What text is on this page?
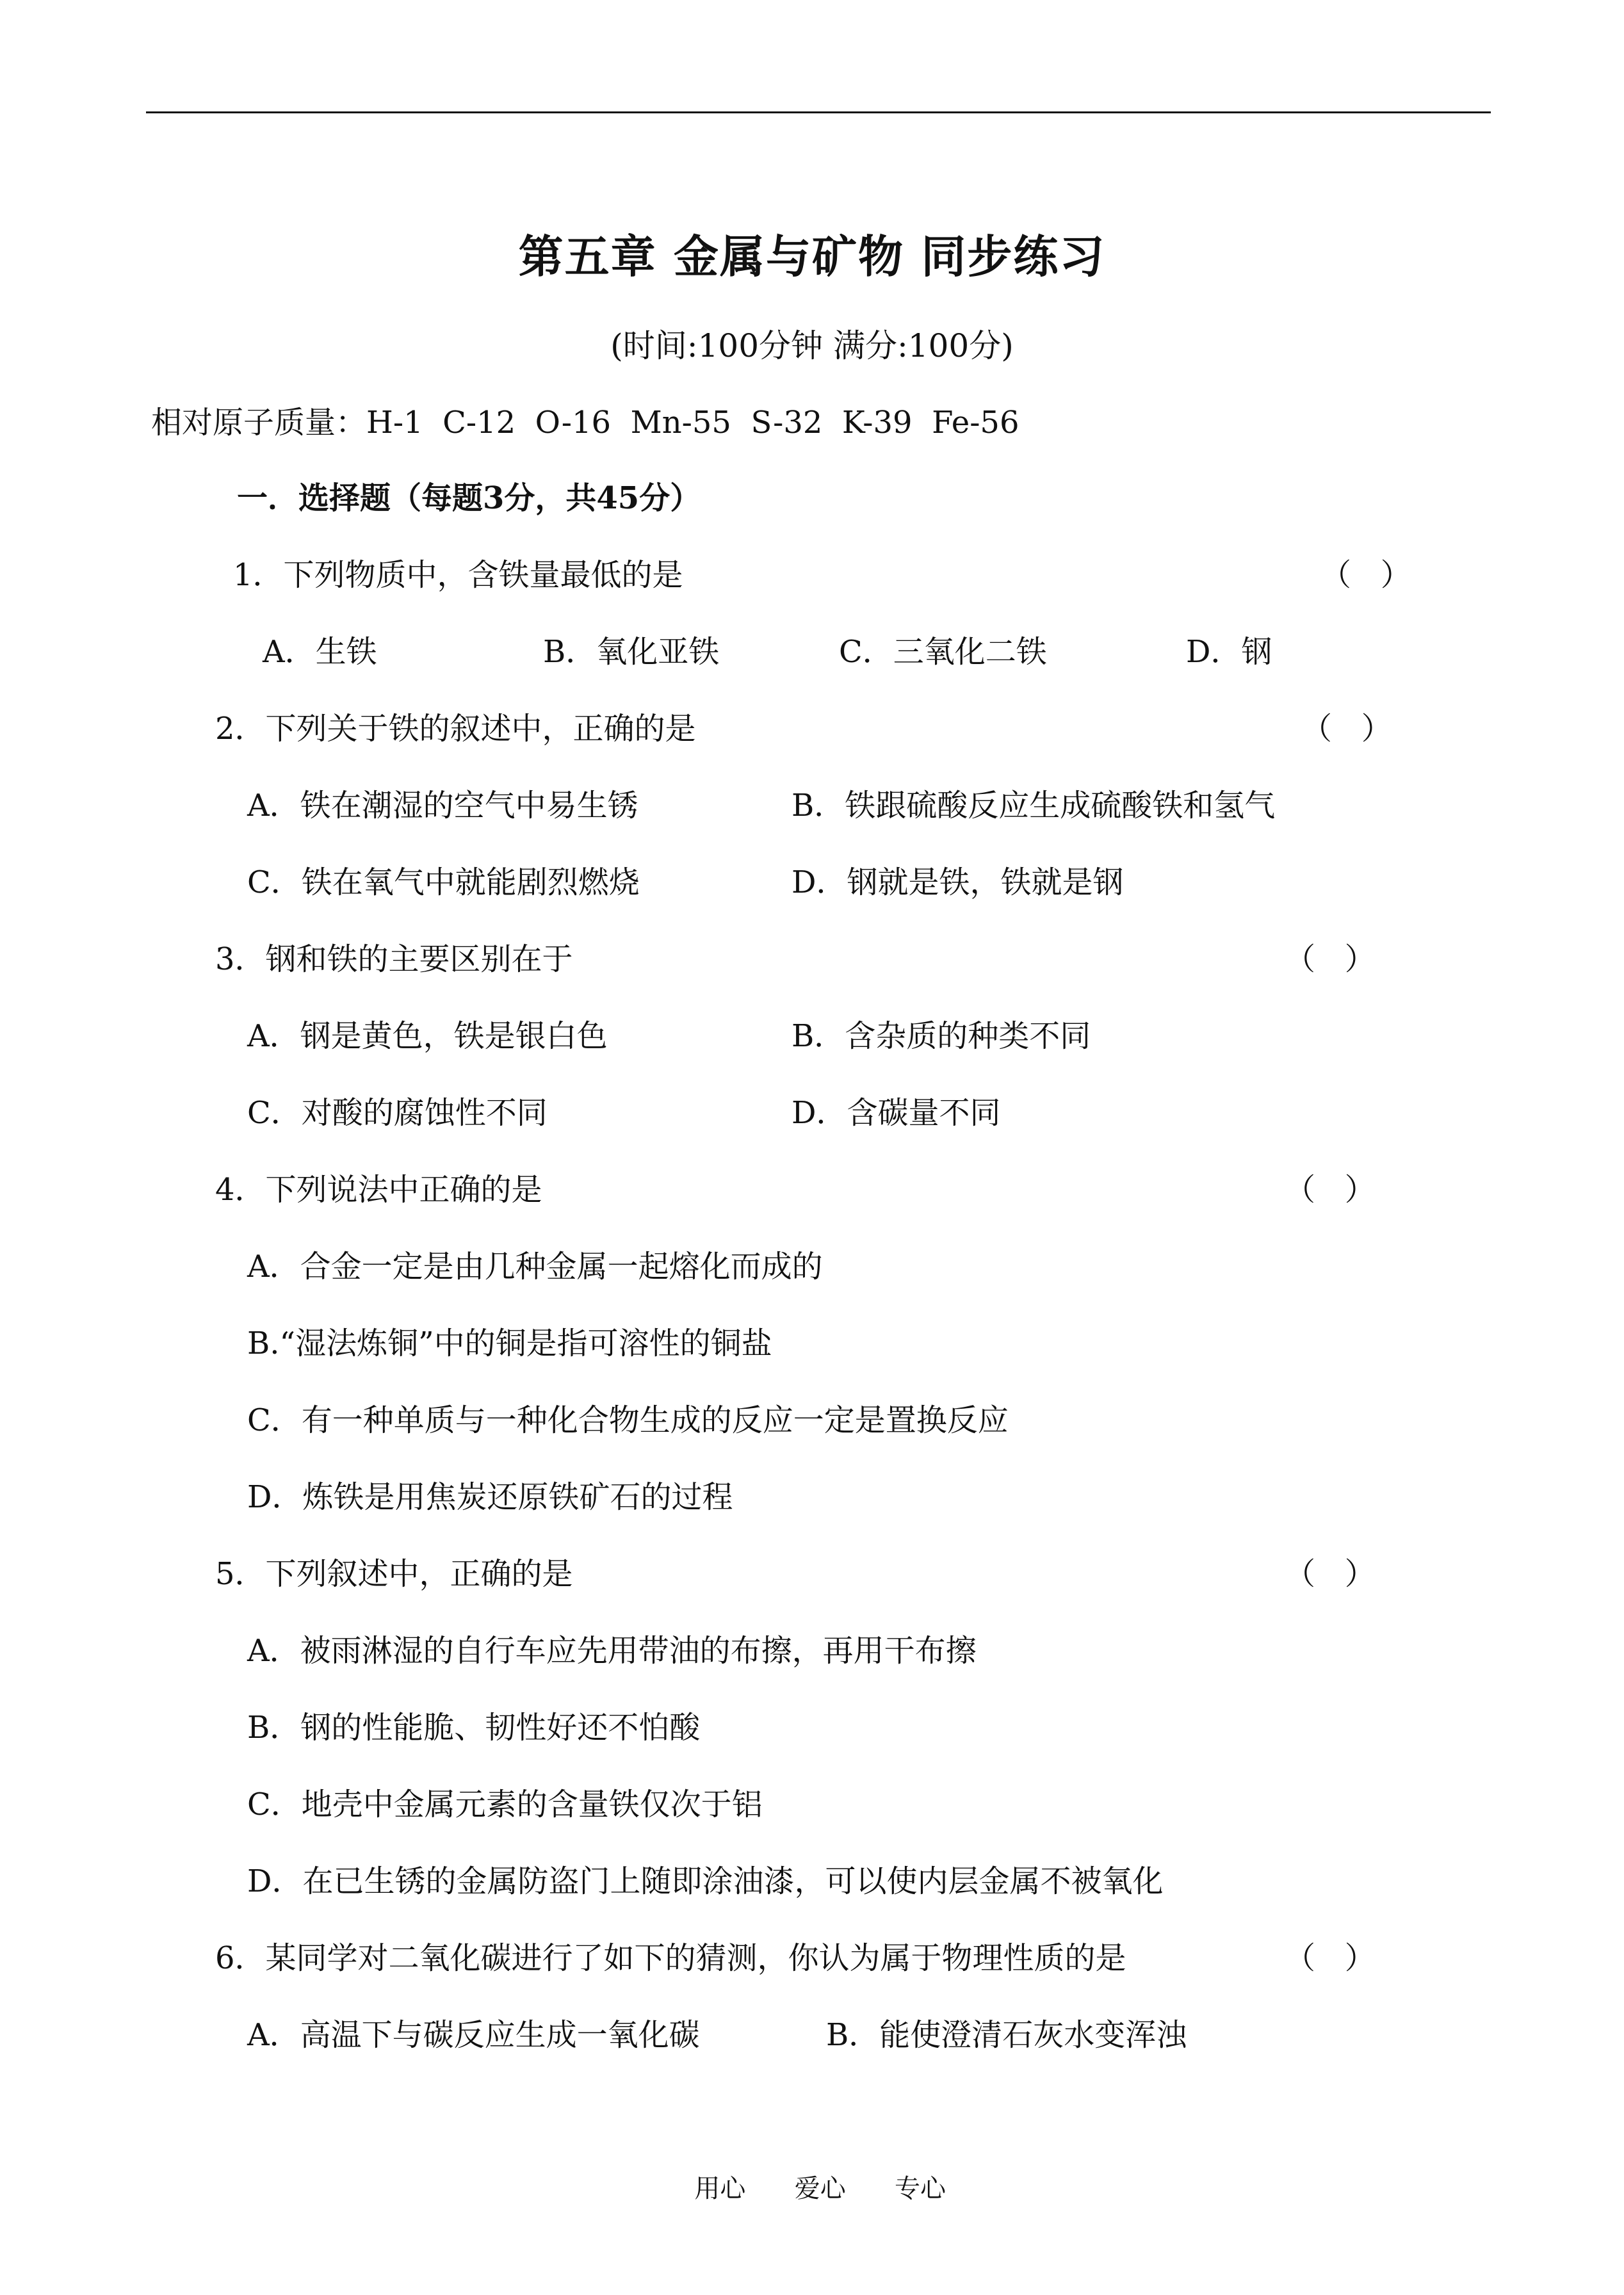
第五章 金属与矿物 同步练习
(时间:100分钟 满分:100分)
相对原子质量：H-1  C-12  O-16  Mn-55  S-32  K-39  Fe-56
一．选择题（每题3分，共45分）
1．下列物质中，含铁量最低的是	（   ）
A．生铁	B．氧化亚铁	C．三氧化二铁	D．钢
2．下列关于铁的叙述中，正确的是	（   ）
A．铁在潮湿的空气中易生锈	B．铁跟硫酸反应生成硫酸铁和氢气
C．铁在氧气中就能剧烈燃烧	D．钢就是铁，铁就是钢
3．钢和铁的主要区别在于	（   ）
A．钢是黄色，铁是银白色	B．含杂质的种类不同
C．对酸的腐蚀性不同	D．含碳量不同
4．下列说法中正确的是	（   ）
A．合金一定是由几种金属一起熔化而成的
B.“湿法炼铜”中的铜是指可溶性的铜盐
C．有一种单质与一种化合物生成的反应一定是置换反应
D．炼铁是用焦炭还原铁矿石的过程
5．下列叙述中，正确的是	（   ）
A．被雨淋湿的自行车应先用带油的布擦，再用干布擦
B．钢的性能脆、韧性好还不怕酸
C．地壳中金属元素的含量铁仅次于铝
D．在已生锈的金属防盗门上随即涂油漆，可以使内层金属不被氧化
6．某同学对二氧化碳进行了如下的猜测，你认为属于物理性质的是	（   ）
A．高温下与碳反应生成一氧化碳	B．能使澄清石灰水变浑浊

用心 爱心 专心
